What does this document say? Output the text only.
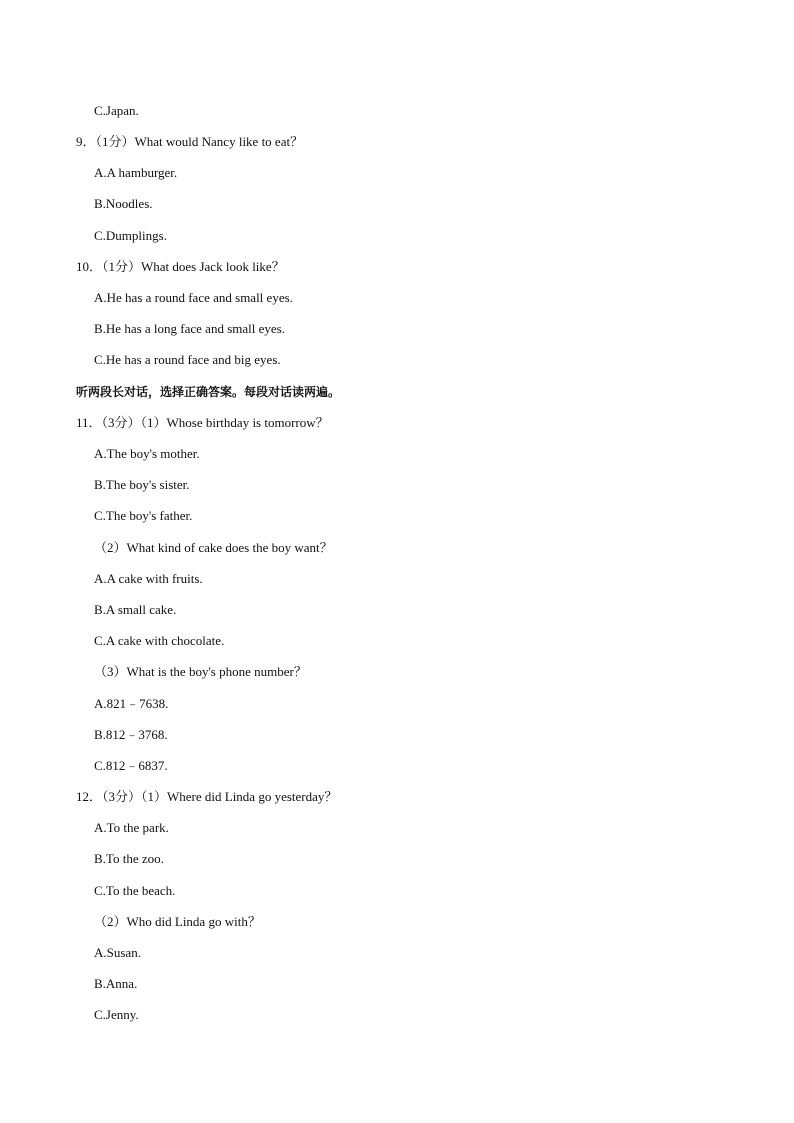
C.Japan.
9．（1分）What would Nancy like to eat？
A.A hamburger.
B.Noodles.
C.Dumplings.
10．（1分）What does Jack look like？
A.He has a round face and small eyes.
B.He has a long face and small eyes.
C.He has a round face and big eyes.
听两段长对话，选择正确答案。每段对话读两遍。
11．（3分）（1）Whose birthday is tomorrow？
A.The boy's mother.
B.The boy's sister.
C.The boy's father.
（2）What kind of cake does the boy want？
A.A cake with fruits.
B.A small cake.
C.A cake with chocolate.
（3）What is the boy's phone number？
A.821﹣7638.
B.812﹣3768.
C.812﹣6837.
12．（3分）（1）Where did Linda go yesterday？
A.To the park.
B.To the zoo.
C.To the beach.
（2）Who did Linda go with？
A.Susan.
B.Anna.
C.Jenny.
